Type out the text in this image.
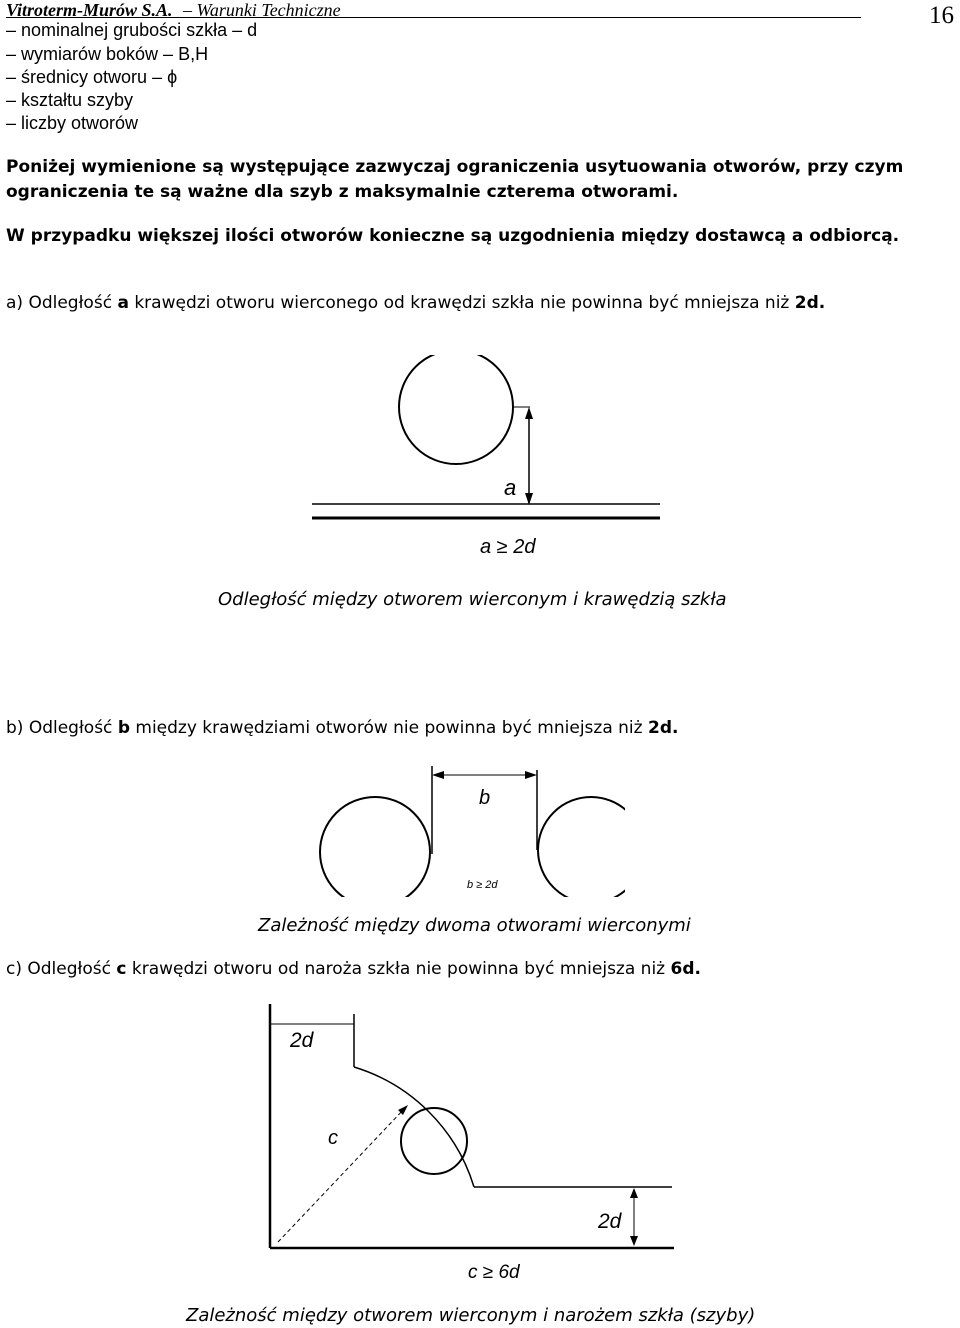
Vitroterm-Murów S.A. – Warunki Techniczne	16
– nominalnej grubości szkła – d
– wymiarów boków – B,H
– średnicy otworu – ϕ
– kształtu szyby
– liczby otworów
Poniżej wymienione są występujące zazwyczaj ograniczenia usytuowania otworów, przy czym ograniczenia te są ważne dla szyb z maksymalnie czterema otworami.
W przypadku większej ilości otworów konieczne są uzgodnienia między dostawcą a odbiorcą.
a) Odległość a krawędzi otworu wierconego od krawędzi szkła nie powinna być mniejsza niż 2d.
a
a ≥ 2d
Odległość między otworem wierconym i krawędzią szkła
b) Odległość b między krawędziami otworów nie powinna być mniejsza niż 2d.
b
b ≥ 2d
Zależność między dwoma otworami wierconymi
c) Odległość c krawędzi otworu od naroża szkła nie powinna być mniejsza niż 6d.
2d
c
2d
c ≥ 6d
Zależność między otworem wierconym i narożem szkła (szyby)
